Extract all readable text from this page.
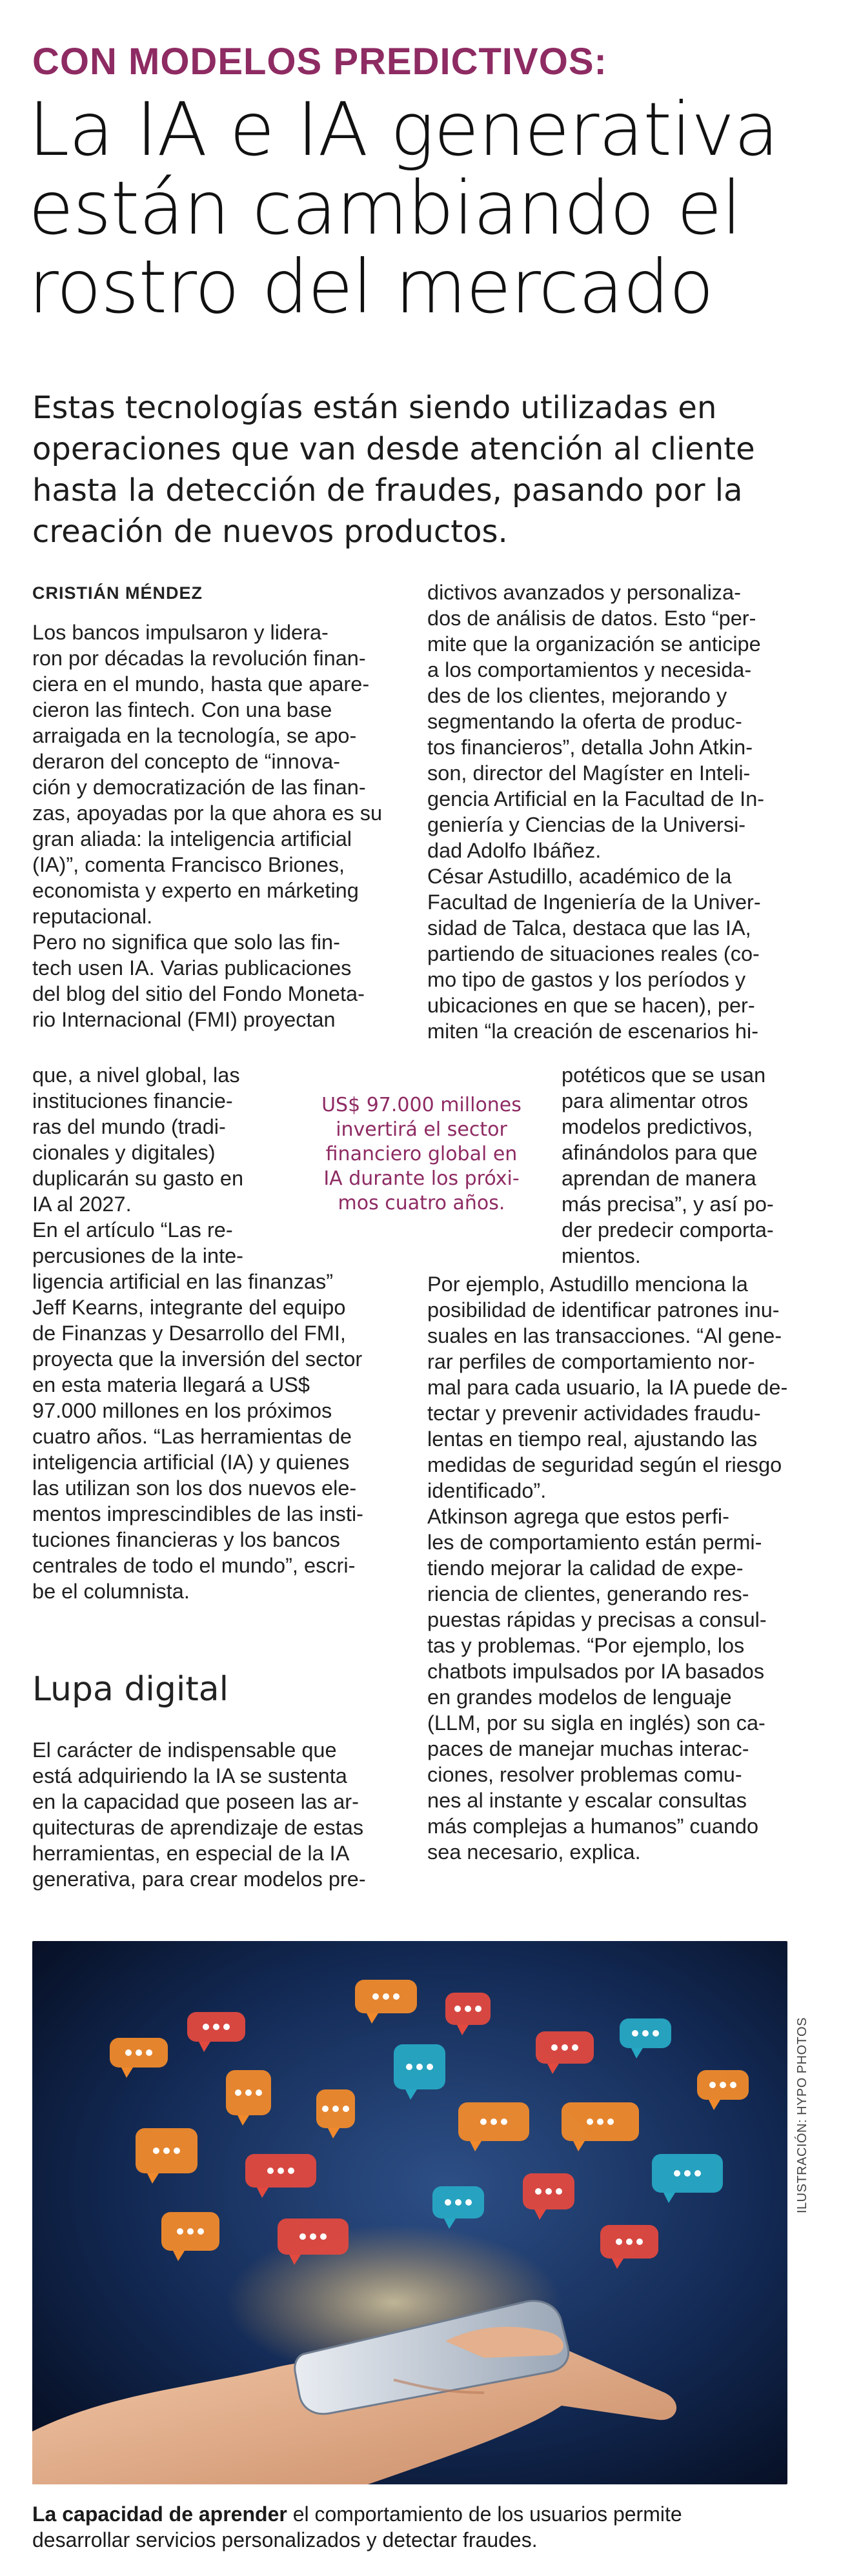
CON MODELOS PREDICTIVOS:
La IA e IA generativa
están cambiando el
rostro del mercado
Estas tecnologías están siendo utilizadas en
operaciones que van desde atención al cliente
hasta la detección de fraudes, pasando por la
creación de nuevos productos.
CRISTIÁN MÉNDEZ
Los bancos impulsaron y lidera-
ron por décadas la revolución finan-
ciera en el mundo, hasta que apare-
cieron las fintech. Con una base
arraigada en la tecnología, se apo-
deraron del concepto de “innova-
ción y democratización de las finan-
zas, apoyadas por la que ahora es su
gran aliada: la inteligencia artificial
(IA)”, comenta Francisco Briones,
economista y experto en márketing
reputacional.
Pero no significa que solo las fin-
tech usen IA. Varias publicaciones
del blog del sitio del Fondo Moneta-
rio Internacional (FMI) proyectan
que, a nivel global, las
instituciones financie-
ras del mundo (tradi-
cionales y digitales)
duplicarán su gasto en
IA al 2027.
En el artículo “Las re-
percusiones de la inte-
ligencia artificial en las finanzas”
Jeff Kearns, integrante del equipo
de Finanzas y Desarrollo del FMI,
proyecta que la inversión del sector
en esta materia llegará a US$
97.000 millones en los próximos
cuatro años. “Las herramientas de
inteligencia artificial (IA) y quienes
las utilizan son los dos nuevos ele-
mentos imprescindibles de las insti-
tuciones financieras y los bancos
centrales de todo el mundo”, escri-
be el columnista.
US$ 97.000 millones
invertirá el sector
financiero global en
IA durante los próxi-
mos cuatro años.
Lupa digital
El carácter de indispensable que
está adquiriendo la IA se sustenta
en la capacidad que poseen las ar-
quitecturas de aprendizaje de estas
herramientas, en especial de la IA
generativa, para crear modelos pre-
dictivos avanzados y personaliza-
dos de análisis de datos. Esto “per-
mite que la organización se anticipe
a los comportamientos y necesida-
des de los clientes, mejorando y
segmentando la oferta de produc-
tos financieros”, detalla John Atkin-
son, director del Magíster en Inteli-
gencia Artificial en la Facultad de In-
geniería y Ciencias de la Universi-
dad Adolfo Ibáñez.
César Astudillo, académico de la
Facultad de Ingeniería de la Univer-
sidad de Talca, destaca que las IA,
partiendo de situaciones reales (co-
mo tipo de gastos y los períodos y
ubicaciones en que se hacen), per-
miten “la creación de escenarios hi-
potéticos que se usan
para alimentar otros
modelos predictivos,
afinándolos para que
aprendan de manera
más precisa”, y así po-
der predecir comporta-
mientos.
Por ejemplo, Astudillo menciona la
posibilidad de identificar patrones inu-
suales en las transacciones. “Al gene-
rar perfiles de comportamiento nor-
mal para cada usuario, la IA puede de-
tectar y prevenir actividades fraudu-
lentas en tiempo real, ajustando las
medidas de seguridad según el riesgo
identificado”.
Atkinson agrega que estos perfi-
les de comportamiento están permi-
tiendo mejorar la calidad de expe-
riencia de clientes, generando res-
puestas rápidas y precisas a consul-
tas y problemas. “Por ejemplo, los
chatbots impulsados por IA basados
en grandes modelos de lenguaje
(LLM, por su sigla en inglés) son ca-
paces de manejar muchas interac-
ciones, resolver problemas comu-
nes al instante y escalar consultas
más complejas a humanos” cuando
sea necesario, explica.
ILUSTRACIÓN: HYPO PHOTOS
La capacidad de aprender el comportamiento de los usuarios permite
desarrollar servicios personalizados y detectar fraudes.
